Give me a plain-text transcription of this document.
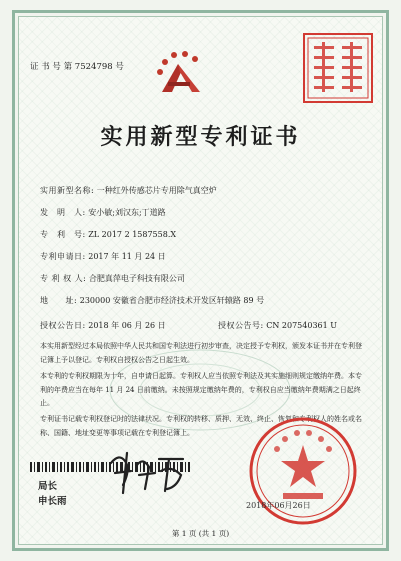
证 书 号 第 7524798 号
实用新型专利证书
实用新型名称: 一种红外传感芯片专用除气真空炉
发　明　人: 安小敏;刘汉东;丁道路
专　利　号: ZL 2017 2 1587558.X
专利申请日: 2017 年 11 月 24 日
专 利 权 人: 合肥真萍电子科技有限公司
地　　址: 230000 安徽省合肥市经济技术开发区轩辕路 89 号
授权公告日: 2018 年 06 月 26 日	授权公告号: CN 207540361 U
本实用新型经过本局依照中华人民共和国专利法进行初步审查，决定授予专利权，颁发本证书并在专利登记簿上予以登记。专利权自授权公告之日起生效。
本专利的专利权期限为十年，自申请日起算。专利权人应当依照专利法及其实施细则规定缴纳年费。本专利的年费应当在每年 11 月 24 日前缴纳。未按照规定缴纳年费的，专利权自应当缴纳年费期满之日起终止。
专利证书记载专利权登记时的法律状况。专利权的转移、质押、无效、终止、恢复和专利权人的姓名或名称、国籍、地址变更等事项记载在专利登记簿上。
局长
申长雨	2018年06月26日
第 1 页 (共 1 页)
